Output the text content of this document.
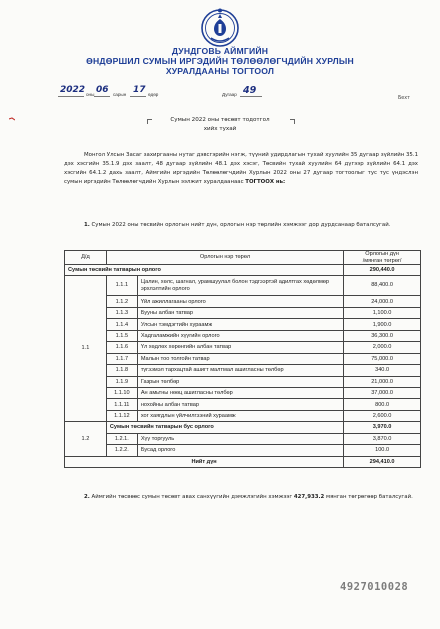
ДУНДГОВЬ АЙМГИЙН
ӨНДӨРШИЛ СУМЫН ИРГЭДИЙН ТӨЛӨӨЛӨГЧДИЙН ХУРЛЫН
ХУРАЛДААНЫ ТОГТООЛ
2022 оны 06 сарын 17 өдөр	Дугаар 49
Бехт
Сумын 2022 оны төсөвт тодотгол
хийх тухай
Монгол Улсын Засаг захиргааны нутаг дэвсгэрийн нэгж, түүний удирдлагын тухай хуулийн 35 дугаар зүйлийн 35.1 дэх хэсгийн 35.1.9 дэх заалт, 48 дугаар зүйлийн 48.1 дэх хэсэг, Төсвийн тухай хуулийн 64 дүгээр зүйлийн 64.1 дэх хэсгийн 64.1.2 дахь заалт, Аймгийн иргэдийн Төлөөлөгчдийн Хурлын 2022 оны 27 дугаар тогтоолыг тус тус үндэслэн сумын иргэдийн Төлөөлөгчдийн Хурлын ээлжит хуралдаанаас ТОГТООХ нь:
1. Сумын 2022 оны төсвийн орлогын нийт дүн, орлогын нэр төрлийн хэмжээг дор дурдсанаар баталсугай.
Д/д	Орлогын нэр төрөл		Орлогын дүн
/мянган төгрөг/
Сумын төсвийн татварын орлого			290,440.0
1.1	1.1.1	Цалин, хөлс, шагнал, урамшуулал болон тэдгээртэй адилтгах хөдөлмөр эрхлэлтийн орлого	88,400.0
	1.1.2	Үйл ажиллагааны орлого	24,000.0
	1.1.3	Бууны албан татвар	1,100.0
	1.1.4	Улсын тэмдэгтийн хураамж	1,900.0
	1.1.5	Хадгаламжийн хүүгийн орлого	36,300.0
	1.1.6	Үл хөдлөх хөрөнгийн албан татвар	2,000.0
	1.1.7	Малын тоо толгойн татвар	75,000.0
	1.1.8	түгээмэл тархацтай ашигт малтмал ашигласны төлбөр	340.0
	1.1.9	Газрын төлбөр	21,000.0
	1.1.10	Ан амьтны нөөц ашигласны төлбөр	37,000.0
	1.1.11	нохойны албан татвар	800.0
	1.1.12	хог хаягдлын үйлчилгээний хураамж	2,600.0
1.2	Сумын төсвийн татварын бус орлого		3,970.0
	1.2.1.	Хүү торгууль	3,870.0
	1.2.2.	Бусад орлого	100.0
Нийт дүн			294,410.0
2. Аймгийн төсвөөс сумын төсөвт авах санхүүгийн дэмжлэгийн хэмжээг 427,933.2 мянган төгрөгөөр баталсугай.
4927010028
